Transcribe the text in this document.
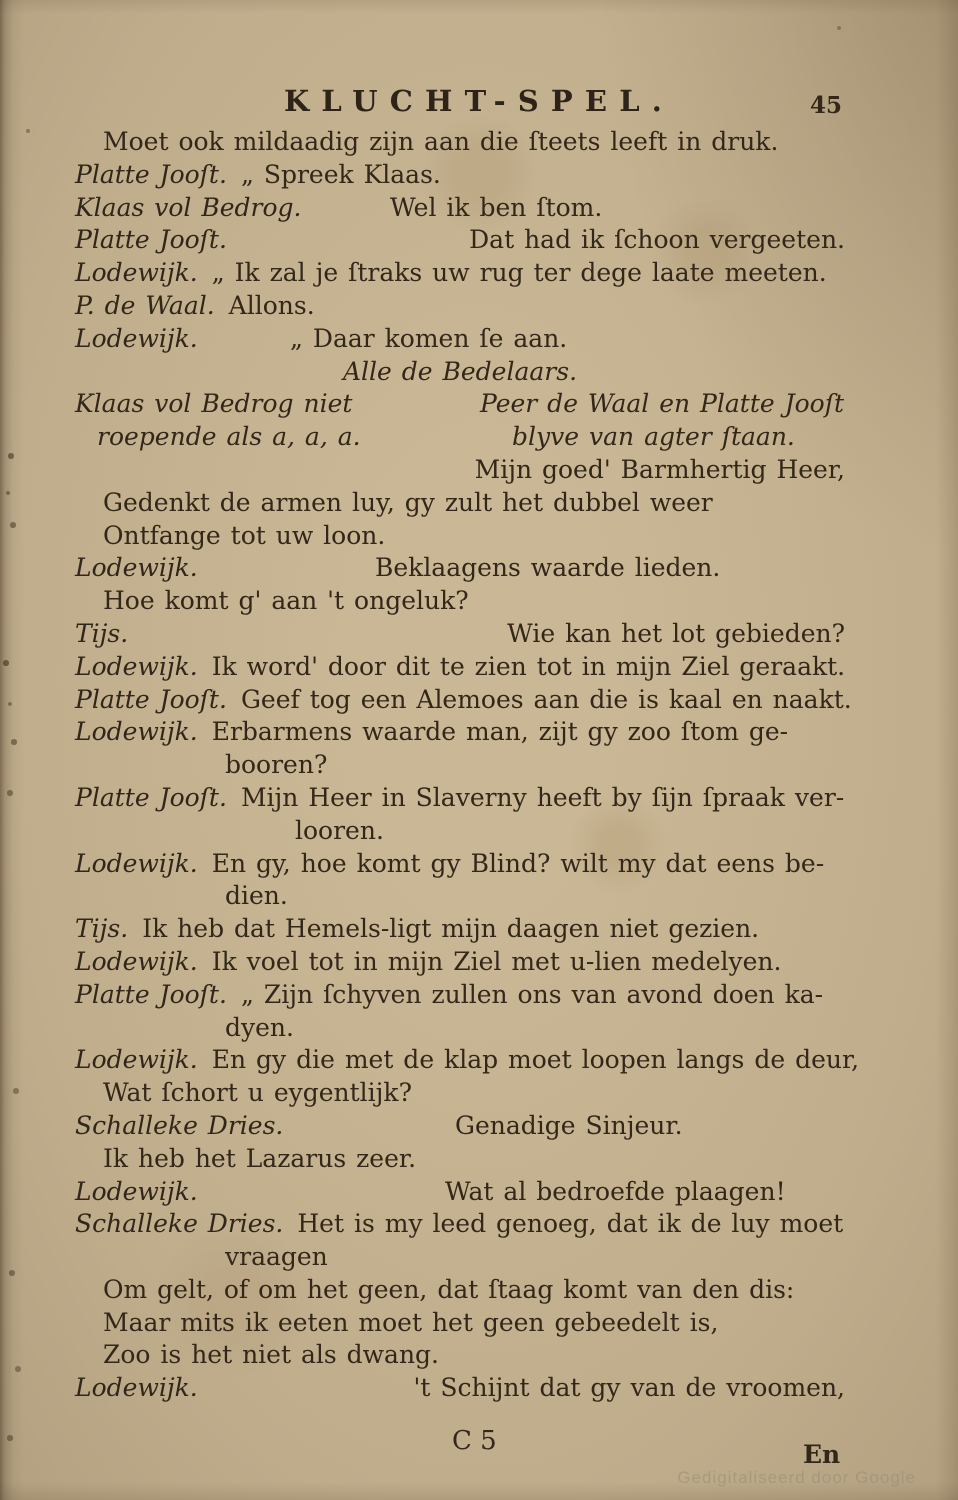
KLUCHT-SPEL.	45
Moet ook mildaadig zijn aan die ſteets leeft in druk.
Platte Jooſt. „ Spreek Klaas.
Klaas vol Bedrog.	Wel ik ben ſtom.
Platte Jooſt.	Dat had ik ſchoon vergeeten.
Lodewijk. „ Ik zal je ſtraks uw rug ter dege laate meeten.
P. de Waal. Allons.
Lodewijk.	„ Daar komen ſe aan.
Alle de Bedelaars.
Klaas vol Bedrog niet
roepende als a, a, a.
Peer de Waal en Platte Jooſt
blyve van agter ſtaan.
Mijn goed' Barmhertig Heer,
Gedenkt de armen luy, gy zult het dubbel weer
Ontfange tot uw loon.
Lodewijk.	Beklaagens waarde lieden.
Hoe komt g' aan 't ongeluk?
Tijs.	Wie kan het lot gebieden?
Lodewijk. Ik word' door dit te zien tot in mijn Ziel geraakt.
Platte Jooſt. Geef tog een Alemoes aan die is kaal en naakt.
Lodewijk. Erbarmens waarde man, zijt gy zoo ſtom ge-
booren?
Platte Jooſt. Mijn Heer in Slaverny heeft by ſijn ſpraak ver-
looren.
Lodewijk. En gy, hoe komt gy Blind? wilt my dat eens be-
dien.
Tijs. Ik heb dat Hemels-ligt mijn daagen niet gezien.
Lodewijk. Ik voel tot in mijn Ziel met u-lien medelyen.
Platte Jooſt. „ Zijn ſchyven zullen ons van avond doen ka-
dyen.
Lodewijk. En gy die met de klap moet loopen langs de deur,
Wat ſchort u eygentlijk?
Schalleke Dries.	Genadige Sinjeur.
Ik heb het Lazarus zeer.
Lodewijk.	Wat al bedroefde plaagen!
Schalleke Dries. Het is my leed genoeg, dat ik de luy moet
vraagen
Om gelt, of om het geen, dat ſtaag komt van den dis:
Maar mits ik eeten moet het geen gebeedelt is,
Zoo is het niet als dwang.
Lodewijk.	't Schijnt dat gy van de vroomen,
C 5	En
Gedigitaliseerd door Google
